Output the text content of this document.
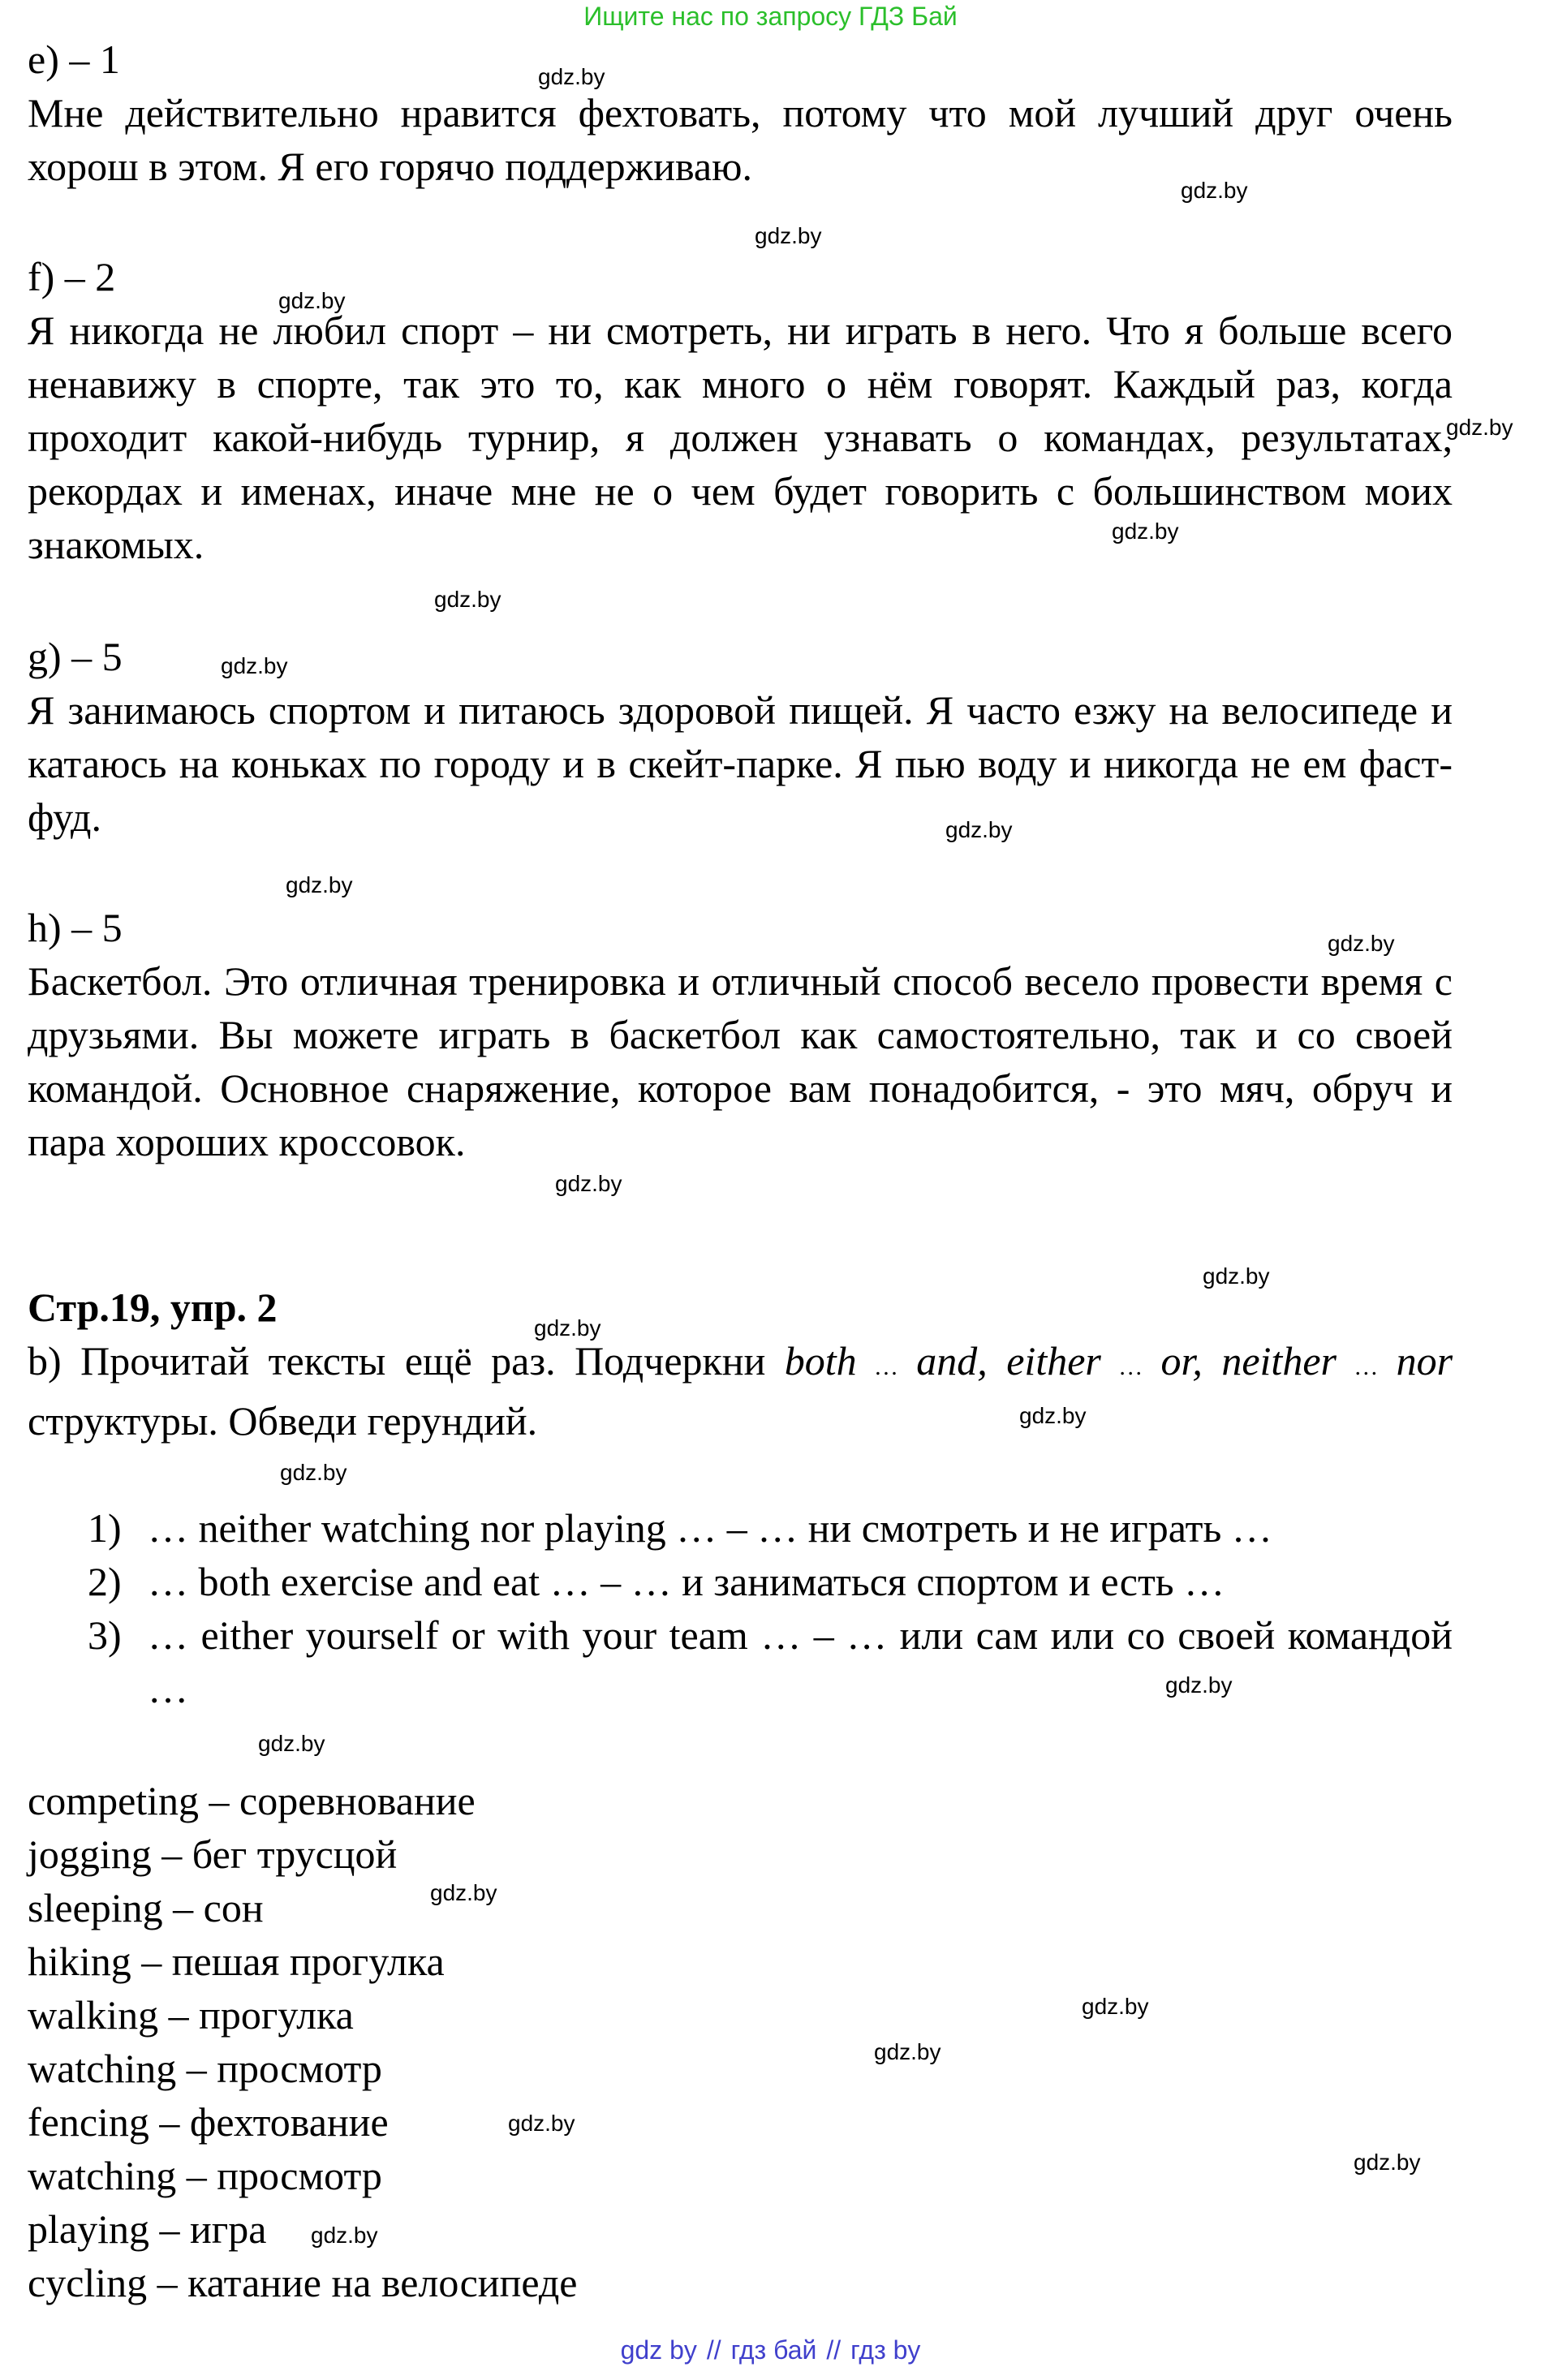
Ищите нас по запросу ГДЗ Бай
e) – 1
Мне действительно нравится фехтовать, потому что мой лучший друг очень хорош в этом. Я его горячо поддерживаю.
f) – 2
Я никогда не любил спорт – ни смотреть, ни играть в него. Что я больше всего ненавижу в спорте, так это то, как много о нём говорят. Каждый раз, когда проходит какой-нибудь турнир, я должен узнавать о командах, результатах, рекордах и именах, иначе мне не о чем будет говорить с большинством моих знакомых.
g) – 5
Я занимаюсь спортом и питаюсь здоровой пищей. Я часто езжу на велосипеде и катаюсь на коньках по городу и в скейт-парке. Я пью воду и никогда не ем фаст-фуд.
h) – 5
Баскетбол. Это отличная тренировка и отличный способ весело провести время с друзьями. Вы можете играть в баскетбол как самостоятельно, так и со своей командой. Основное снаряжение, которое вам понадобится, - это мяч, обруч и пара хороших кроссовок.
Стр.19, упр. 2
b) Прочитай тексты ещё раз. Подчеркни both … and, either … or, neither … nor структуры. Обведи герундий.
1) … neither watching nor playing … – … ни смотреть и не играть …
2) … both exercise and eat … – … и заниматься спортом и есть …
3) … either yourself or with your team … – … или сам или со своей командой …
competing – соревнование
jogging – бег трусцой
sleeping – сон
hiking – пешая прогулка
walking – прогулка
watching – просмотр
fencing – фехтование
watching – просмотр
playing – игра
cycling – катание на велосипеде
gdz.by
gdz.by
gdz.by
gdz.by
gdz.by
gdz.by
gdz.by
gdz.by
gdz.by
gdz.by
gdz.by
gdz.by
gdz.by
gdz.by
gdz.by
gdz.by
gdz.by
gdz.by
gdz.by
gdz.by
gdz.by
gdz.by
gdz.by
gdz.by
gdz by // гдз бай // гдз by
